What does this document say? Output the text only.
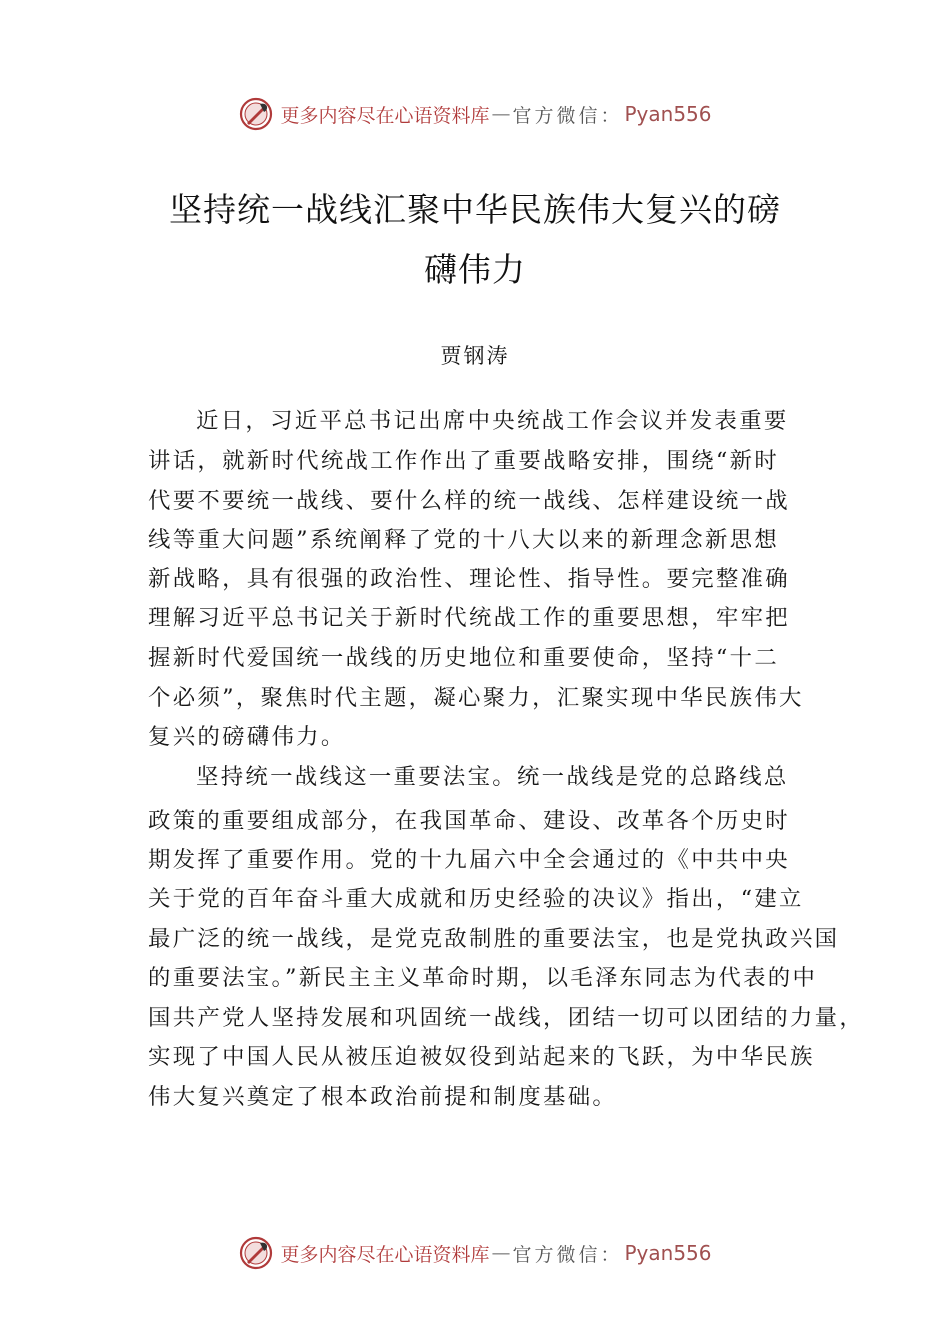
更多内容尽在心语资料库 — 官方微信： Pyan556
坚持统一战线汇聚中华民族伟大复兴的磅
礴伟力
贾钢涛
近日，习近平总书记出席中央统战工作会议并发表重要
讲话，就新时代统战工作作出了重要战略安排，围绕“新时
代要不要统一战线、要什么样的统一战线、怎样建设统一战
线等重大问题”系统阐释了党的十八大以来的新理念新思想
新战略，具有很强的政治性、理论性、指导性。要完整准确
理解习近平总书记关于新时代统战工作的重要思想，牢牢把
握新时代爱国统一战线的历史地位和重要使命，坚持“十二
个必须”，聚焦时代主题，凝心聚力，汇聚实现中华民族伟大
复兴的磅礴伟力。
坚持统一战线这一重要法宝。统一战线是党的总路线总
政策的重要组成部分，在我国革命、建设、改革各个历史时
期发挥了重要作用。党的十九届六中全会通过的《中共中央
关于党的百年奋斗重大成就和历史经验的决议》指出，“建立
最广泛的统一战线，是党克敌制胜的重要法宝，也是党执政兴国
的重要法宝。”新民主主义革命时期，以毛泽东同志为代表的中
国共产党人坚持发展和巩固统一战线，团结一切可以团结的力量，
实现了中国人民从被压迫被奴役到站起来的飞跃，为中华民族
伟大复兴奠定了根本政治前提和制度基础。
更多内容尽在心语资料库 — 官方微信： Pyan556
